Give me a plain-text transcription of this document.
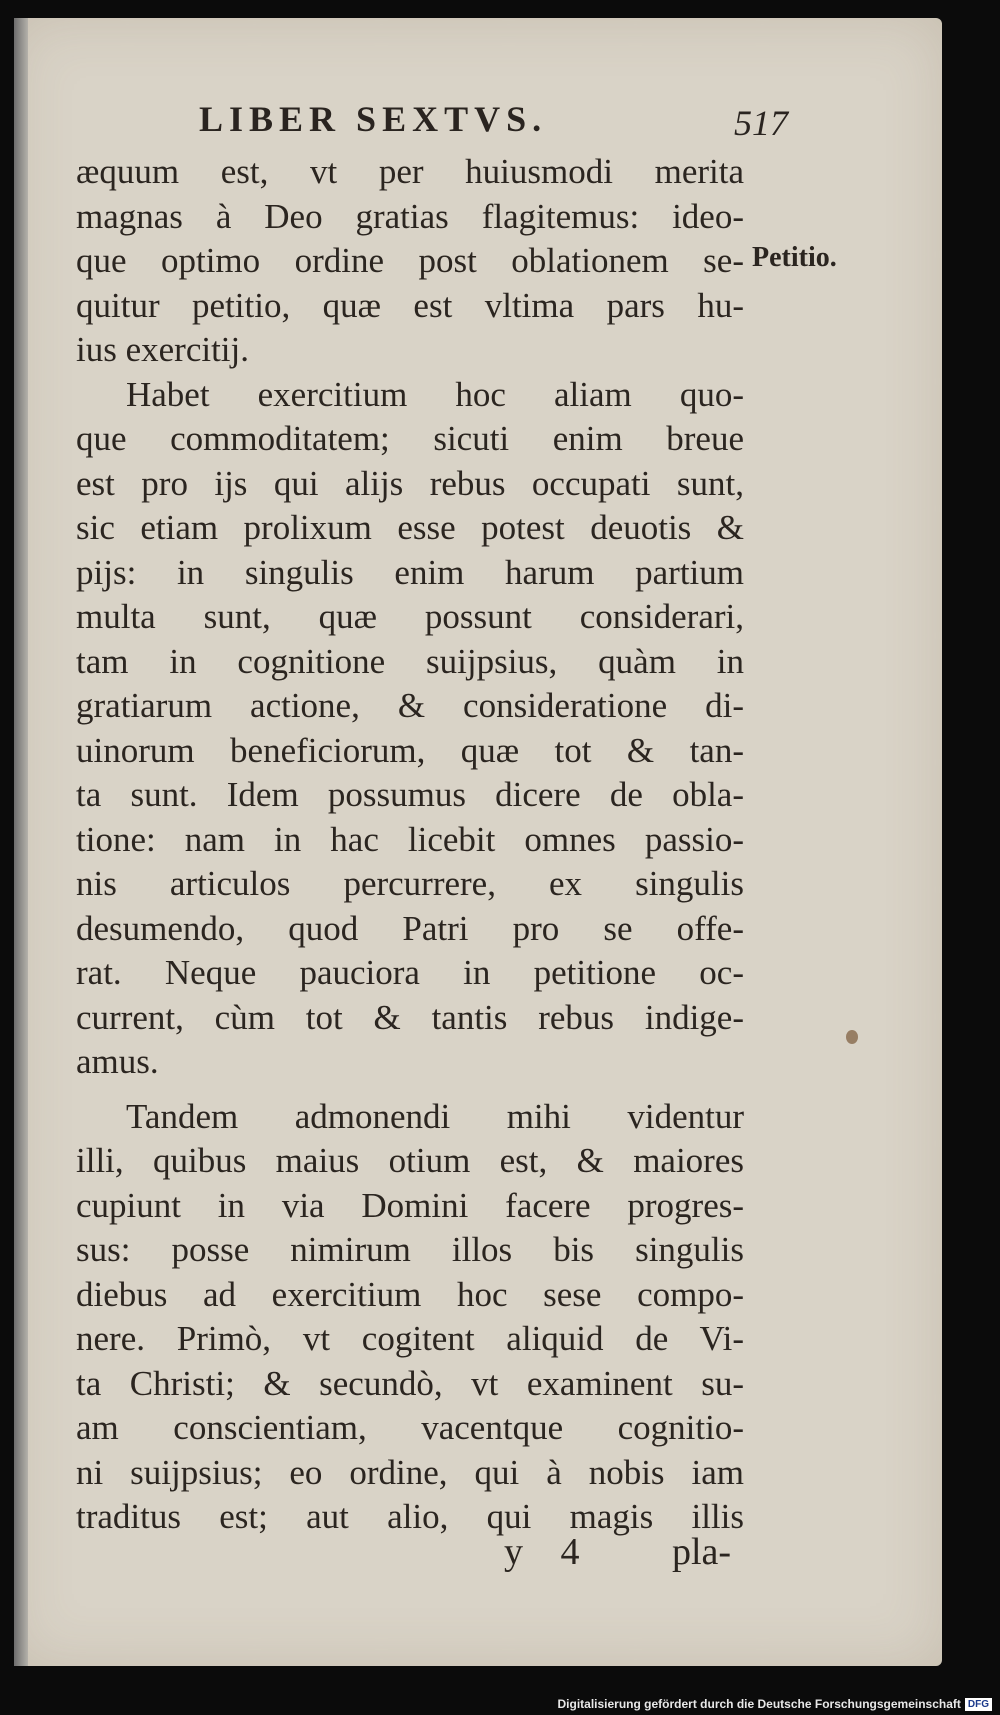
LIBER SEXTVS.	517
Petitio.
æquum est, vt per huiusmodi merita
magnas à Deo gratias flagitemus: ideo-
que optimo ordine post oblationem se-
quitur petitio, quæ est vltima pars hu-
ius exercitij.
Habet exercitium hoc aliam quo-
que commoditatem; sicuti enim breue
est pro ijs qui alijs rebus occupati sunt,
sic etiam prolixum esse potest deuotis &
pijs: in singulis enim harum partium
multa sunt, quæ possunt considerari,
tam in cognitione suijpsius, quàm in
gratiarum actione, & consideratione di-
uinorum beneficiorum, quæ tot & tan-
ta sunt. Idem possumus dicere de obla-
tione: nam in hac licebit omnes passio-
nis articulos percurrere, ex singulis
desumendo, quod Patri pro se offe-
rat. Neque pauciora in petitione oc-
current, cùm tot & tantis rebus indige-
amus.
Tandem admonendi mihi videntur
illi, quibus maius otium est, & maiores
cupiunt in via Domini facere progres-
sus: posse nimirum illos bis singulis
diebus ad exercitium hoc sese compo-
nere. Primò, vt cogitent aliquid de Vi-
ta Christi; & secundò, vt examinent su-
am conscientiam, vacentque cognitio-
ni suijpsius; eo ordine, qui à nobis iam
traditus est; aut alio, qui magis illis
y 4 pla-
Digitalisierung gefördert durch die Deutsche Forschungsgemeinschaft DFG
